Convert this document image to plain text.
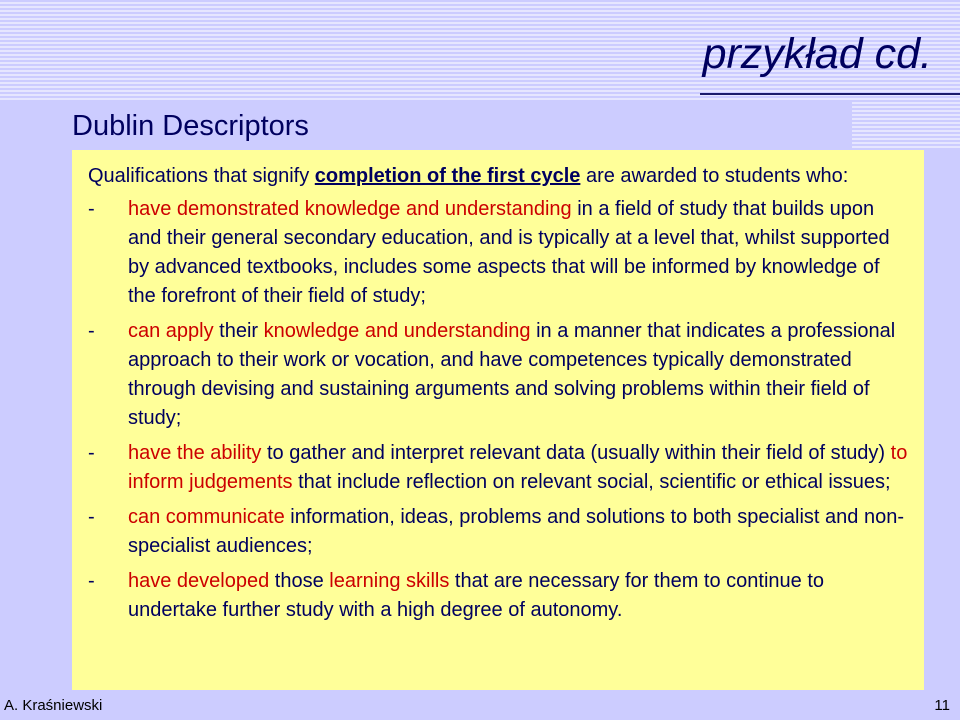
przykład cd.
Dublin Descriptors

Qualifications that signify completion of the first cycle are awarded to students who:

- have demonstrated knowledge and understanding in a field of study that builds upon and their general secondary education, and is typically at a level that, whilst supported by advanced textbooks, includes some aspects that will be informed by knowledge of the forefront of their field of study;
- can apply their knowledge and understanding in a manner that indicates a professional approach to their work or vocation, and have competences typically demonstrated through devising and sustaining arguments and solving problems within their field of study;
- have the ability to gather and interpret relevant data (usually within their field of study) to inform judgements that include reflection on relevant social, scientific or ethical issues;
- can communicate information, ideas, problems and solutions to both specialist and non-specialist audiences;
- have developed those learning skills that are necessary for them to continue to undertake further study with a high degree of autonomy.
A. Kraśniewski	11
